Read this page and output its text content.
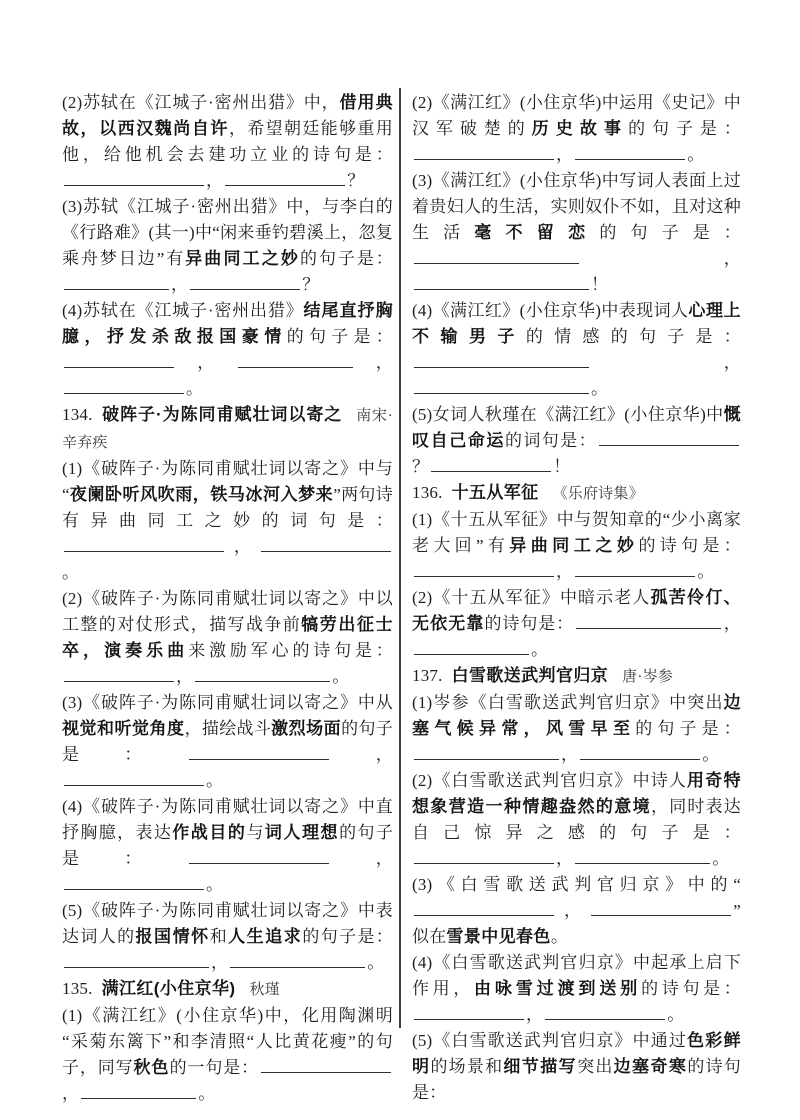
(2)苏轼在《江城子·密州出猎》中，借用典故，以西汉魏尚自许，希望朝廷能够重用他，给他机会去建功立业的诗句是：，	？

(3)苏轼《江城子·密州出猎》中，与李白的《行路难》(其一)中“闲来垂钓碧溪上，忽复乘舟梦日边”有异曲同工之妙的句子是：，	？

(4)苏轼在《江城子·密州出猎》结尾直抒胸臆，抒发杀敌报国豪情的句子是：，	，。

134. 破阵子·为陈同甫赋壮词以寄之 南宋·辛弃疾

(1)《破阵子·为陈同甫赋壮词以寄之》中与“夜阑卧听风吹雨，铁马冰河入梦来”两句诗有异曲同工之妙的词句是：，。

(2)《破阵子·为陈同甫赋壮词以寄之》中以工整的对仗形式，描写战争前犒劳出征士卒，演奏乐曲来激励军心的诗句是：，	。

(3)《破阵子·为陈同甫赋壮词以寄之》中从视觉和听觉角度，描绘战斗激烈场面的句子是：	，。

(4)《破阵子·为陈同甫赋壮词以寄之》中直抒胸臆，表达作战目的与词人理想的句子是：	，。

(5)《破阵子·为陈同甫赋壮词以寄之》中表达词人的报国情怀和人生追求的句子是：，	。

135. 满江红(小住京华) 秋瑾

(1)《满江红》(小住京华)中，化用陶渊明“采菊东篱下”和李清照“人比黄花瘦”的句子，同写秋色的一句是：，	。

(2)《满江红》(小住京华)中运用《史记》中汉军破楚的历史故事的句子是：，	。

(3)《满江红》(小住京华)中写词人表面上过着贵妇人的生活，实则奴仆不如，且对这种生活毫不留恋的句子是：，！

(4)《满江红》(小住京华)中表现词人心理上不输男子的情感的句子是：，。

(5)女词人秋瑾在《满江红》(小住京华)中慨叹自己命运的词句是：？	！

136. 十五从军征 《乐府诗集》

(1)《十五从军征》中与贺知章的“少小离家老大回”有异曲同工之妙的诗句是：，	。

(2)《十五从军征》中暗示老人孤苦伶仃、无依无靠的诗句是：	，。

137. 白雪歌送武判官归京 唐·岑参

(1)岑参《白雪歌送武判官归京》中突出边塞气候异常，风雪早至的句子是：，	。

(2)《白雪歌送武判官归京》中诗人用奇特想象营造一种情趣盎然的意境，同时表达自己惊异之感的句子是：，	。

(3)《白雪歌送武判官归京》中的“，	”似在雪景中见春色。

(4)《白雪歌送武判官归京》中起承上启下作用，由咏雪过渡到送别的诗句是：，	。

(5)《白雪歌送武判官归京》中通过色彩鲜明的场景和细节描写突出边塞奇寒的诗句是：
